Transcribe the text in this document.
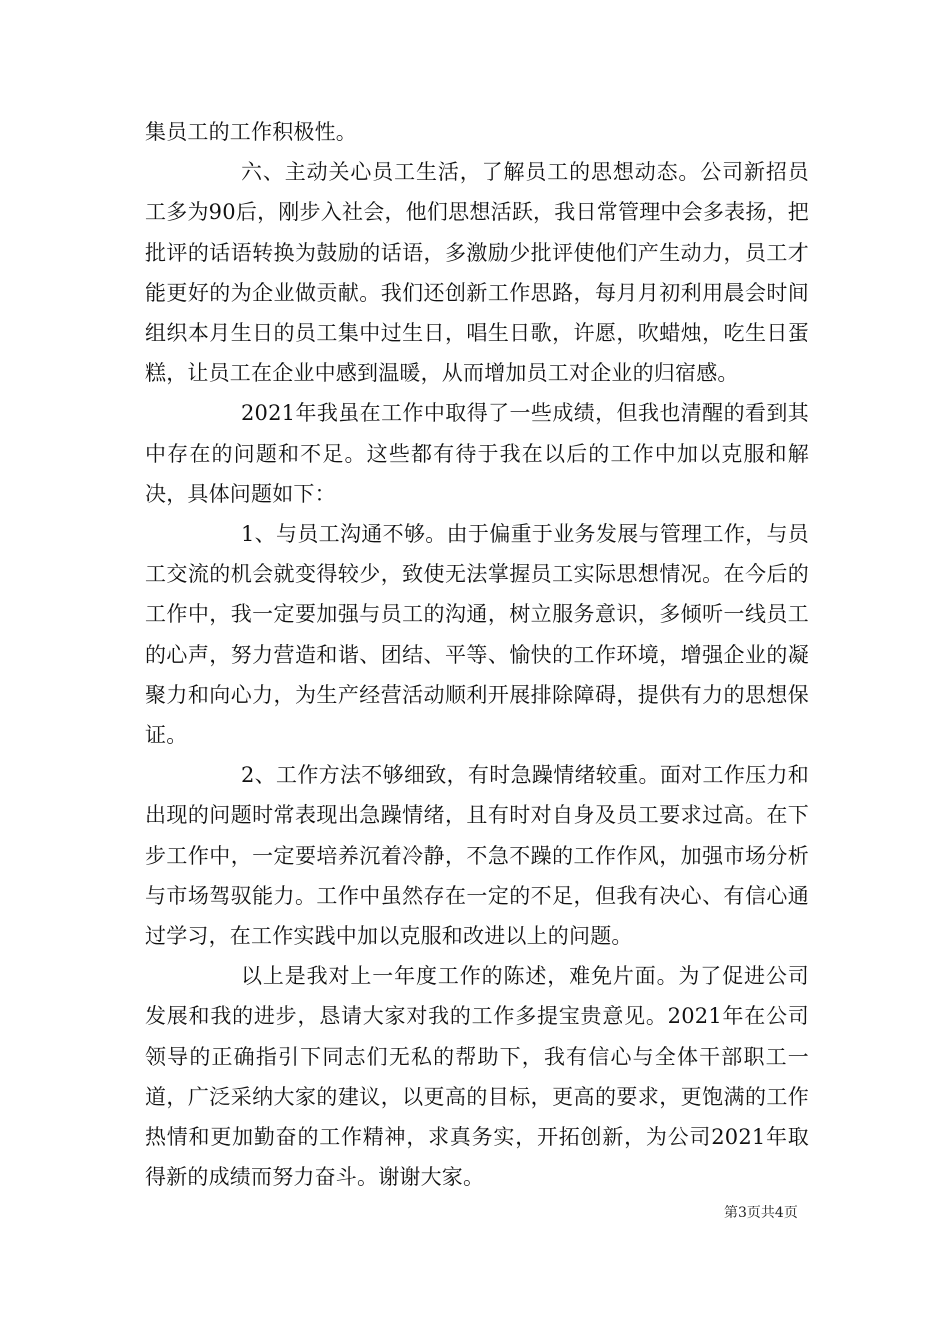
集员工的工作积极性。

六、主动关心员工生活，了解员工的思想动态。公司新招员工多为90后，刚步入社会，他们思想活跃，我日常管理中会多表扬，把批评的话语转换为鼓励的话语，多激励少批评使他们产生动力，员工才能更好的为企业做贡献。我们还创新工作思路，每月月初利用晨会时间组织本月生日的员工集中过生日，唱生日歌，许愿，吹蜡烛，吃生日蛋糕，让员工在企业中感到温暖，从而增加员工对企业的归宿感。

2021年我虽在工作中取得了一些成绩，但我也清醒的看到其中存在的问题和不足。这些都有待于我在以后的工作中加以克服和解决，具体问题如下：

1、与员工沟通不够。由于偏重于业务发展与管理工作，与员工交流的机会就变得较少，致使无法掌握员工实际思想情况。在今后的工作中，我一定要加强与员工的沟通，树立服务意识，多倾听一线员工的心声，努力营造和谐、团结、平等、愉快的工作环境，增强企业的凝聚力和向心力，为生产经营活动顺利开展排除障碍，提供有力的思想保证。

2、工作方法不够细致，有时急躁情绪较重。面对工作压力和出现的问题时常表现出急躁情绪，且有时对自身及员工要求过高。在下步工作中，一定要培养沉着冷静，不急不躁的工作作风，加强市场分析与市场驾驭能力。工作中虽然存在一定的不足，但我有决心、有信心通过学习，在工作实践中加以克服和改进以上的问题。

以上是我对上一年度工作的陈述，难免片面。为了促进公司发展和我的进步，恳请大家对我的工作多提宝贵意见。2021年在公司领导的正确指引下同志们无私的帮助下，我有信心与全体干部职工一道，广泛采纳大家的建议，以更高的目标，更高的要求，更饱满的工作热情和更加勤奋的工作精神，求真务实，开拓创新，为公司2021年取得新的成绩而努力奋斗。谢谢大家。

第3页共4页
